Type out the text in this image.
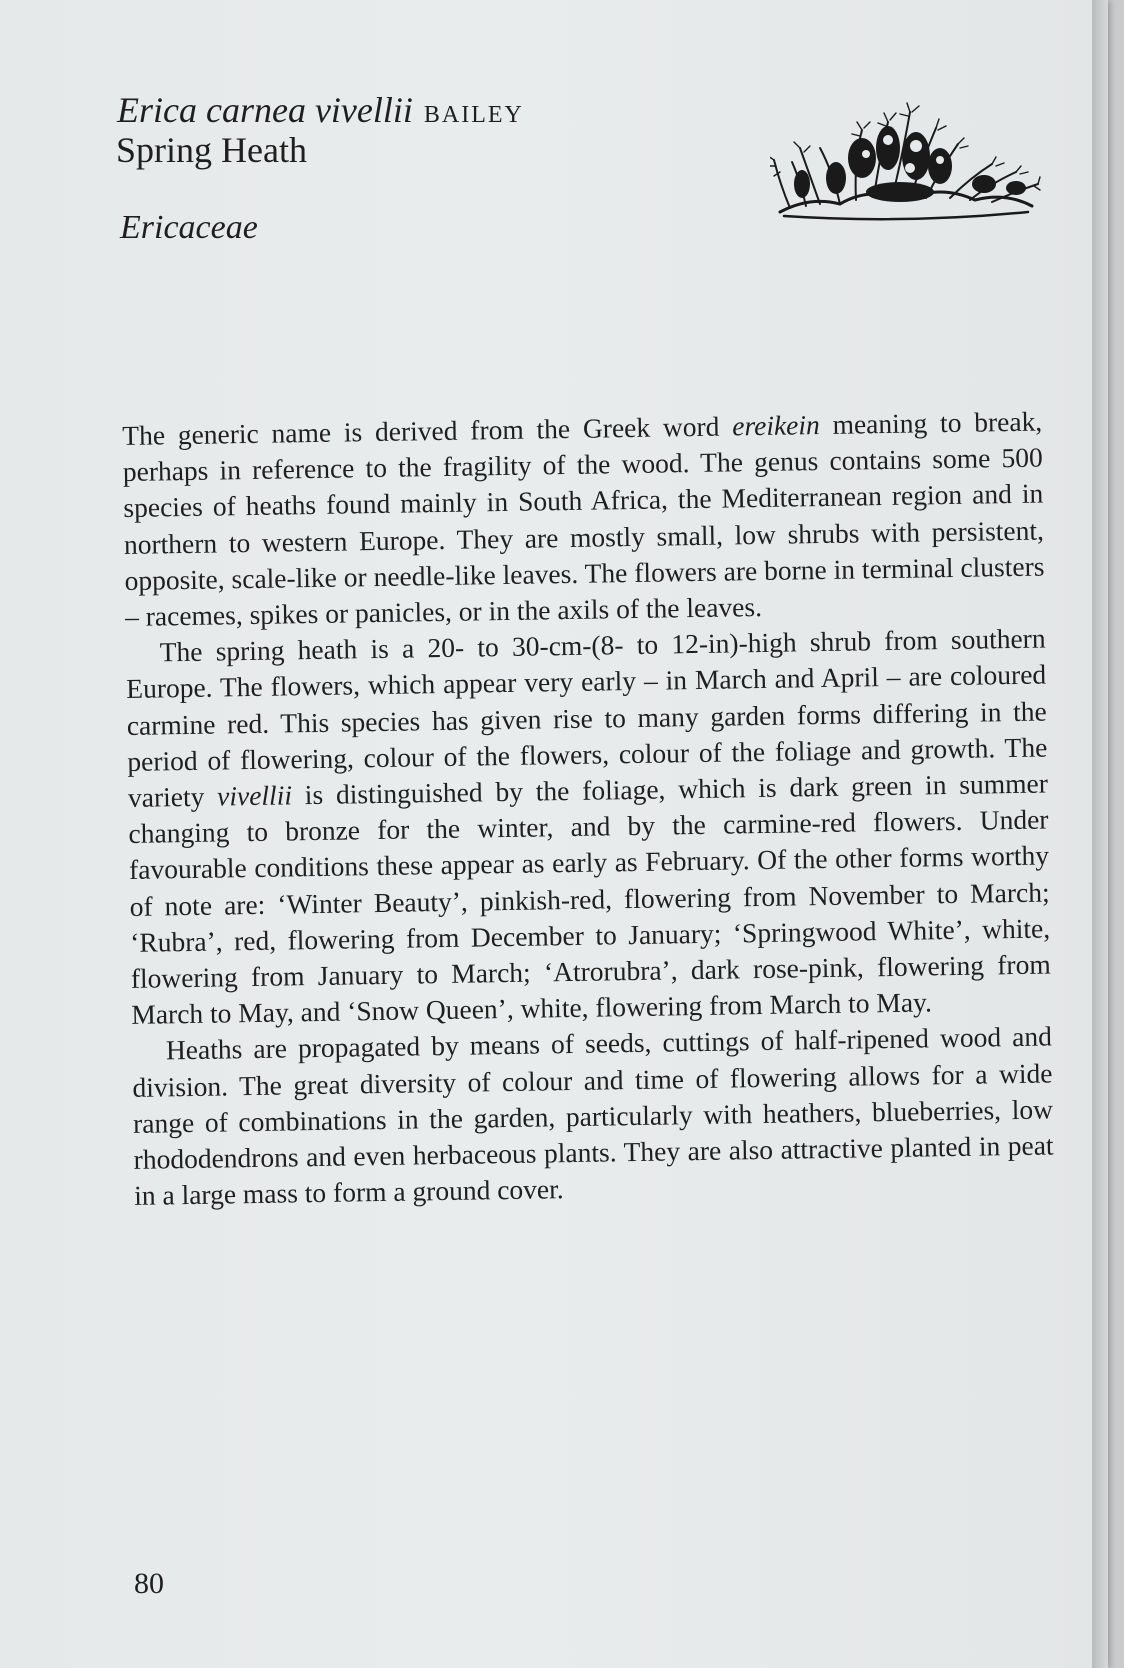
Erica carnea vivellii BAILEY
Spring Heath
Ericaceae

The generic name is derived from the Greek word ereikein meaning to break, perhaps in reference to the fragility of the wood. The genus contains some 500 species of heaths found mainly in South Africa, the Mediterranean region and in northern to western Europe. They are mostly small, low shrubs with persistent, opposite, scale-like or needle-like leaves. The flowers are borne in terminal clusters – racemes, spikes or panicles, or in the axils of the leaves.

The spring heath is a 20- to 30-cm-(8- to 12-in)-high shrub from southern Europe. The flowers, which appear very early – in March and April – are coloured carmine red. This species has given rise to many garden forms differing in the period of flowering, colour of the flowers, colour of the foliage and growth. The variety vivellii is distinguished by the foliage, which is dark green in summer changing to bronze for the winter, and by the carmine-red flowers. Under favourable conditions these appear as early as February. Of the other forms worthy of note are: ‘Winter Beauty’, pinkish-red, flowering from November to March; ‘Rubra’, red, flowering from December to January; ‘Springwood White’, white, flowering from January to March; ‘Atrorubra’, dark rose-pink, flowering from March to May, and ‘Snow Queen’, white, flowering from March to May.

Heaths are propagated by means of seeds, cuttings of half-ripened wood and division. The great diversity of colour and time of flowering allows for a wide range of combinations in the garden, particularly with heathers, blueberries, low rhododendrons and even herbaceous plants. They are also attractive planted in peat in a large mass to form a ground cover.

80
